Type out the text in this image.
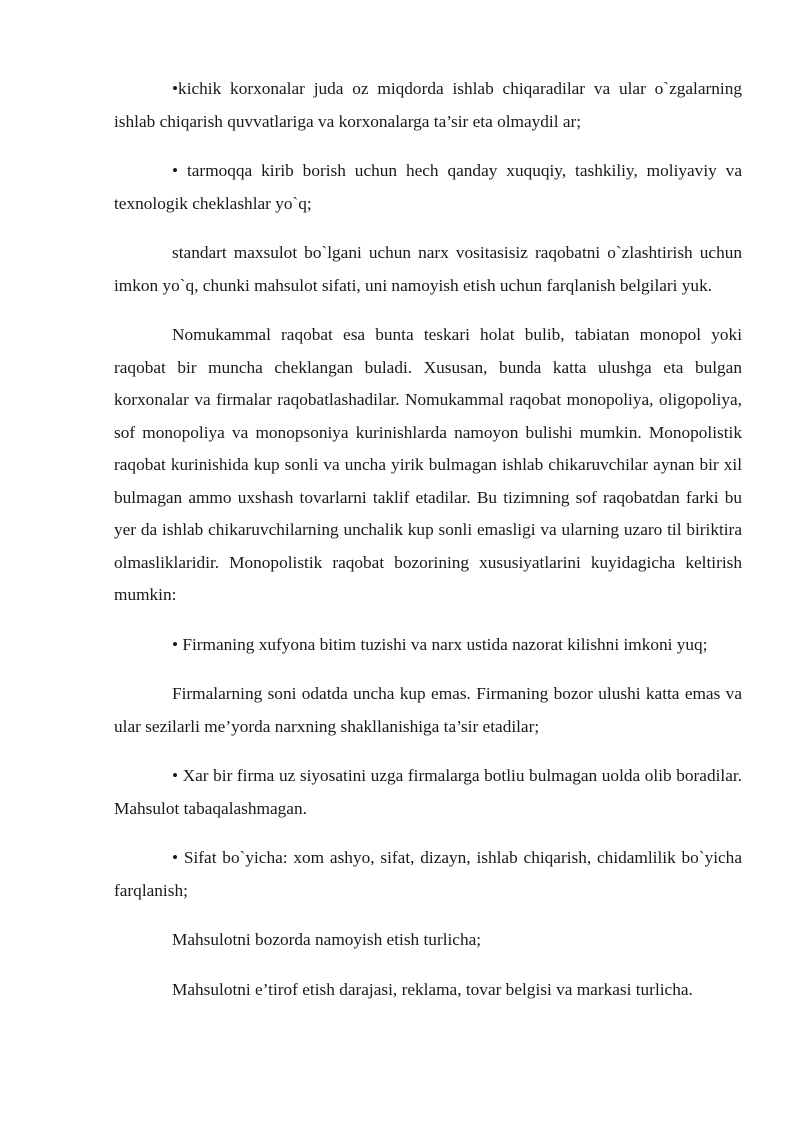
•kichik korxonalar juda oz miqdorda ishlab chiqaradilar va ular o`zgalarning ishlab chiqarish quvvatlariga va korxonalarga ta’sir eta olmaydil ar;

• tarmoqqa kirib borish uchun hech qanday xuquqiy, tashkiliy, moliyaviy va texnologik cheklashlar yo`q;

standart maxsulot bo`lgani uchun narx vositasisiz raqobatni o`zlashtirish uchun imkon yo`q, chunki mahsulot sifati, uni namoyish etish uchun farqlanish belgilari yuk.

Nomukammal raqobat esa bunta teskari holat bulib, tabiatan monopol yoki raqobat bir muncha cheklangan buladi. Xususan, bunda katta ulushga eta bulgan korxonalar va firmalar raqobatlashadilar. Nomukammal raqobat monopoliya, oligopoliya, sof monopoliya va monopsoniya kurinishlarda namoyon bulishi mumkin. Monopolistik raqobat kurinishida kup sonli va uncha yirik bulmagan ishlab chikaruvchilar aynan bir xil bulmagan ammo uxshash tovarlarni taklif etadilar. Bu tizimning sof raqobatdan farki bu yer da ishlab chikaruvchilarning unchalik kup sonli emasligi va ularning uzaro til biriktira olmasliklaridir. Monopolistik raqobat bozorining xususiyatlarini kuyidagicha keltirish mumkin:

• Firmaning xufyona bitim tuzishi va narx ustida nazorat kilishni imkoni yuq;

Firmalarning soni odatda uncha kup emas. Firmaning bozor ulushi katta emas va ular sezilarli me’yorda narxning shakllanishiga ta’sir etadilar;

• Xar bir firma uz siyosatini uzga firmalarga botliu bulmagan uolda olib boradilar. Mahsulot tabaqalashmagan.

• Sifat bo`yicha: xom ashyo, sifat, dizayn, ishlab chiqarish, chidamlilik bo`yicha farqlanish;

Mahsulotni bozorda namoyish etish turlicha;

Mahsulotni e’tirof etish darajasi, reklama, tovar belgisi va markasi turlicha.
